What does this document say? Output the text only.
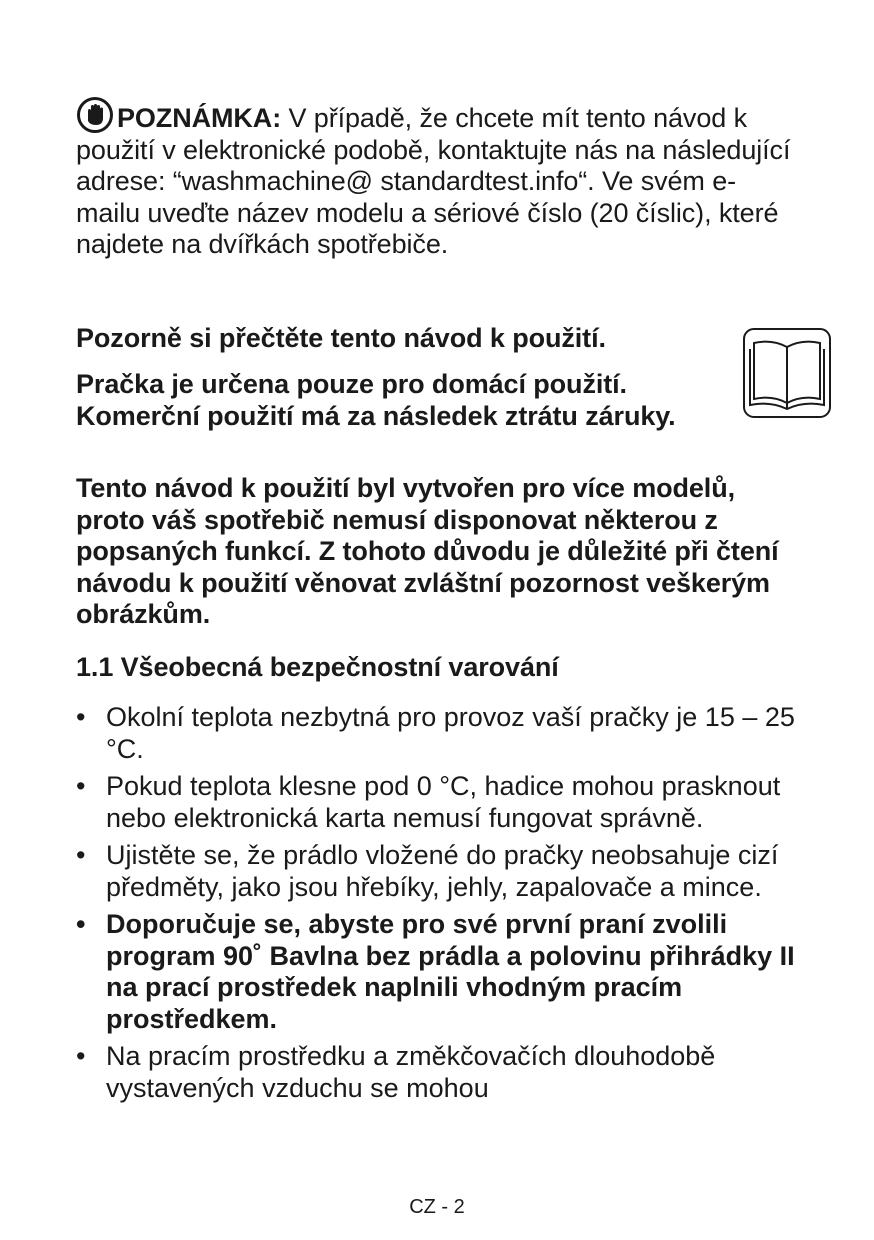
POZNÁMKA: V případě, že chcete mít tento návod k použití v elektronické podobě, kontaktujte nás na následující adrese: “washmachine@ standardtest.info“. Ve svém e-mailu uveďte název modelu a sériové číslo (20 číslic), které najdete na dvířkách spotřebiče.
Pozorně si přečtěte tento návod k použití.
Pračka je určena pouze pro domácí použití. Komerční použití má za následek ztrátu záruky.
Tento návod k použití byl vytvořen pro více modelů, proto váš spotřebič nemusí disponovat některou z popsaných funkcí. Z tohoto důvodu je důležité při čtení návodu k použití věnovat zvláštní pozornost veškerým obrázkům.
1.1 Všeobecná bezpečnostní varování
• Okolní teplota nezbytná pro provoz vaší pračky je 15 – 25 °C.
• Pokud teplota klesne pod 0 °C, hadice mohou prasknout nebo elektronická karta nemusí fungovat správně.
• Ujistěte se, že prádlo vložené do pračky neobsahuje cizí předměty, jako jsou hřebíky, jehly, zapalovače a mince.
• Doporučuje se, abyste pro své první praní zvolili program 90˚ Bavlna bez prádla a polovinu přihrádky II na prací prostředek naplnili vhodným pracím prostředkem.
• Na pracím prostředku a změkčovačích dlouhodobě vystavených vzduchu se mohou
CZ - 2
